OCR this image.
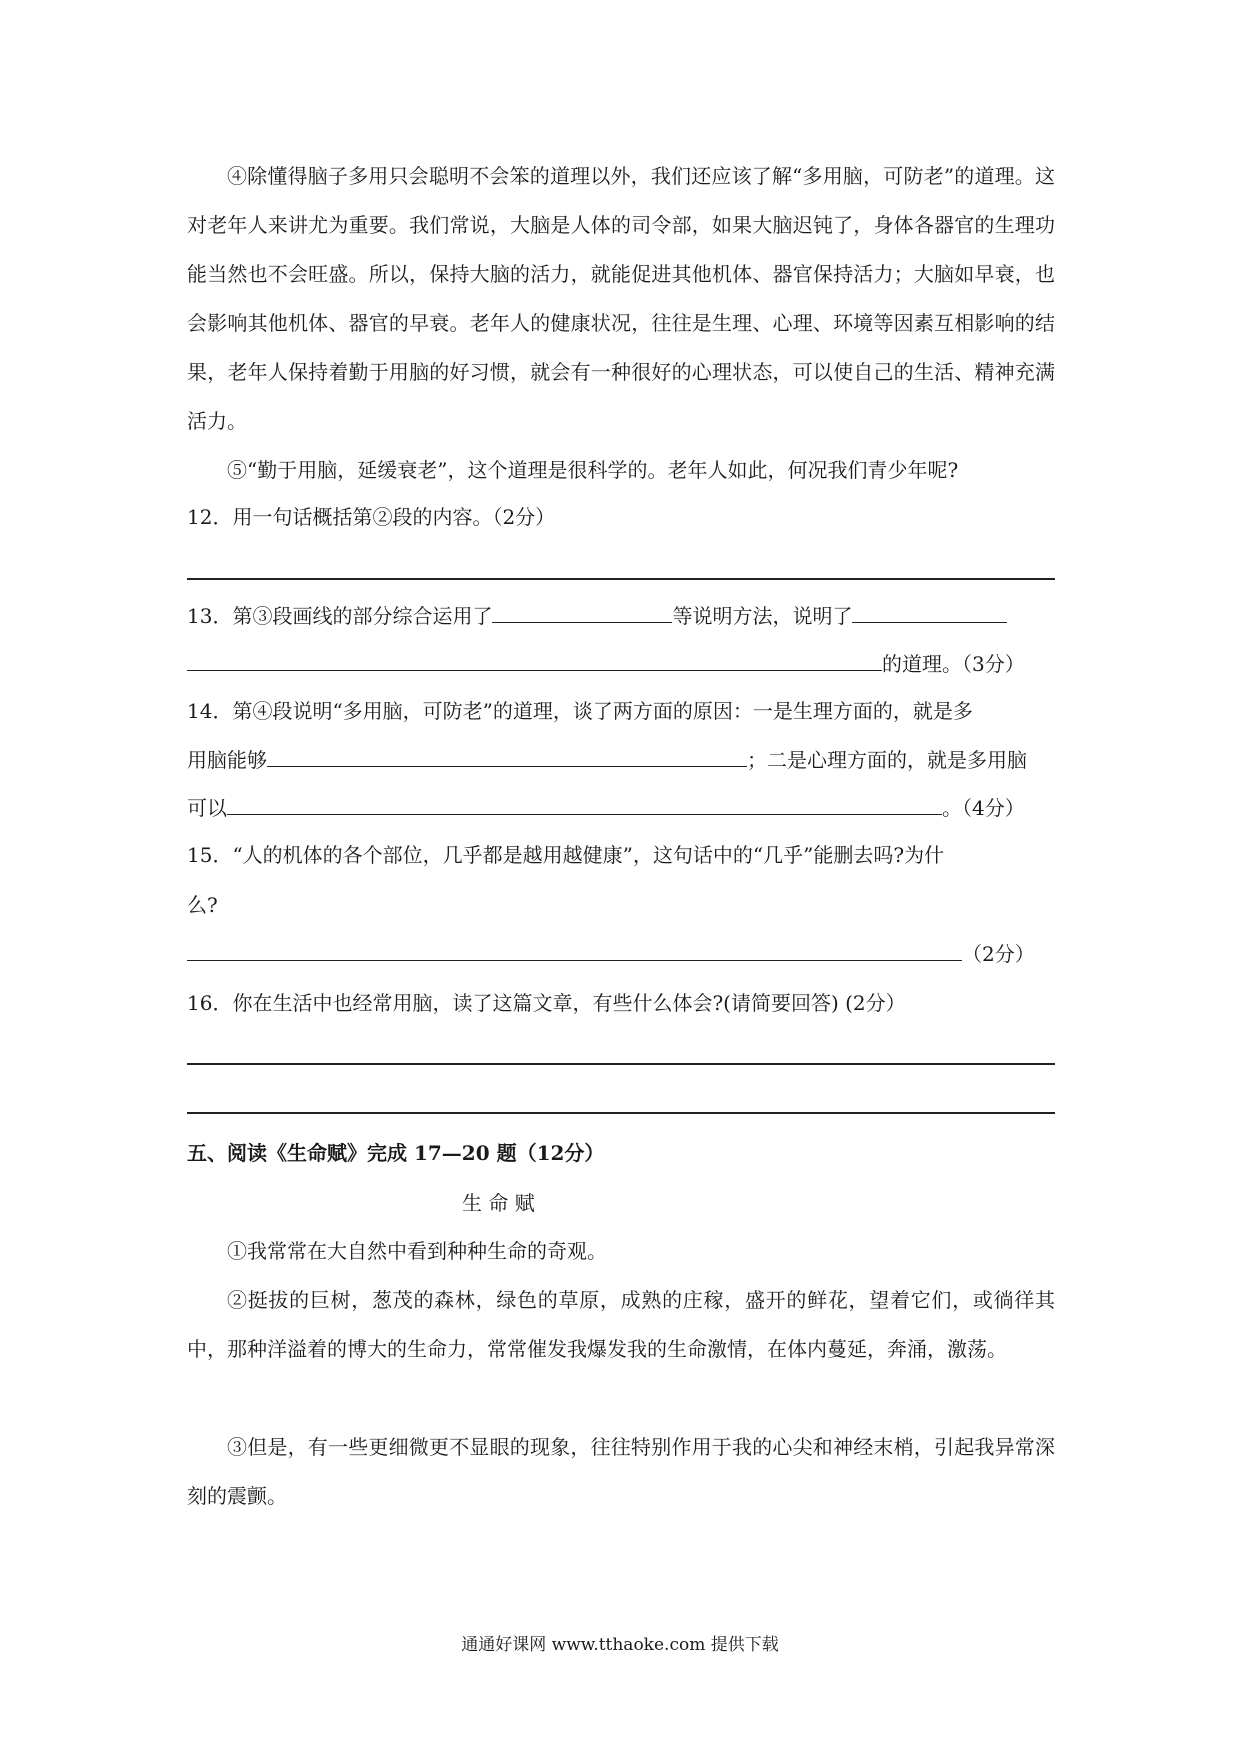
④除懂得脑子多用只会聪明不会笨的道理以外，我们还应该了解“多用脑，可防老”的道理。这对老年人来讲尤为重要。我们常说，大脑是人体的司令部，如果大脑迟钝了，身体各器官的生理功能当然也不会旺盛。所以，保持大脑的活力，就能促进其他机体、器官保持活力；大脑如早衰，也会影响其他机体、器官的早衰。老年人的健康状况，往往是生理、心理、环境等因素互相影响的结果，老年人保持着勤于用脑的好习惯，就会有一种很好的心理状态，可以使自己的生活、精神充满活力。
⑤“勤于用脑，延缓衰老”，这个道理是很科学的。老年人如此，何况我们青少年呢?
12．用一句话概括第②段的内容。（2分）
13．第③段画线的部分综合运用了	等说明方法，说明了
的道理。（3分）
14．第④段说明“多用脑，可防老”的道理，谈了两方面的原因：一是生理方面的，就是多
用脑能够	；二是心理方面的，就是多用脑
可以	。（4分）
15．“人的机体的各个部位，几乎都是越用越健康”，这句话中的“几乎”能删去吗?为什
么?
（2分）
16．你在生活中也经常用脑，读了这篇文章，有些什么体会?(请简要回答) (2分）
五、阅读《生命赋》完成 17—20 题（12分）
生 命 赋
①我常常在大自然中看到种种生命的奇观。
②挺拔的巨树，葱茂的森林，绿色的草原，成熟的庄稼，盛开的鲜花，望着它们，或徜徉其中，那种洋溢着的博大的生命力，常常催发我爆发我的生命激情，在体内蔓延，奔涌，激荡。
③但是，有一些更细微更不显眼的现象，往往特别作用于我的心尖和神经末梢，引起我异常深刻的震颤。
通通好课网 www.tthaoke.com 提供下载
